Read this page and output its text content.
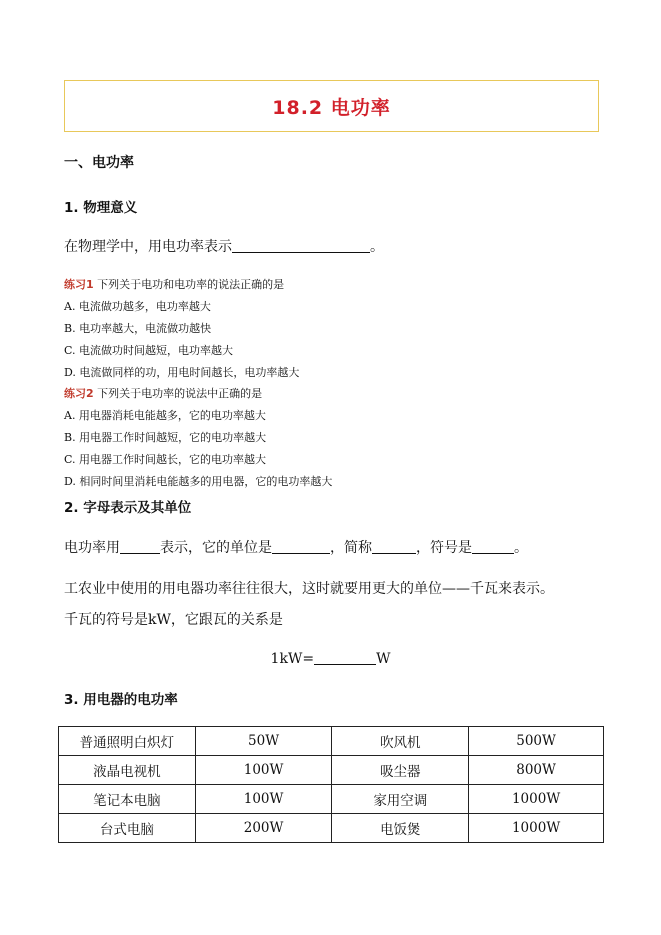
18.2 电功率
一、电功率
1. 物理意义
在物理学中，用电功率表示	。
练习1 下列关于电功和电功率的说法正确的是
A. 电流做功越多，电功率越大
B. 电功率越大，电流做功越快
C. 电流做功时间越短，电功率越大
D. 电流做同样的功，用电时间越长，电功率越大
练习2 下列关于电功率的说法中正确的是
A. 用电器消耗电能越多，它的电功率越大
B. 用电器工作时间越短，它的电功率越大
C. 用电器工作时间越长，它的电功率越大
D. 相同时间里消耗电能越多的用电器，它的电功率越大
2. 字母表示及其单位
电功率用	表示，它的单位是	，简称	，符号是	。
工农业中使用的用电器功率往往很大，这时就要用更大的单位——千瓦来表示。
千瓦的符号是kW，它跟瓦的关系是
1kW=	W
3. 用电器的电功率
普通照明白炽灯	50W	吹风机	500W
液晶电视机	100W	吸尘器	800W
笔记本电脑	100W	家用空调	1000W
台式电脑	200W	电饭煲	1000W
